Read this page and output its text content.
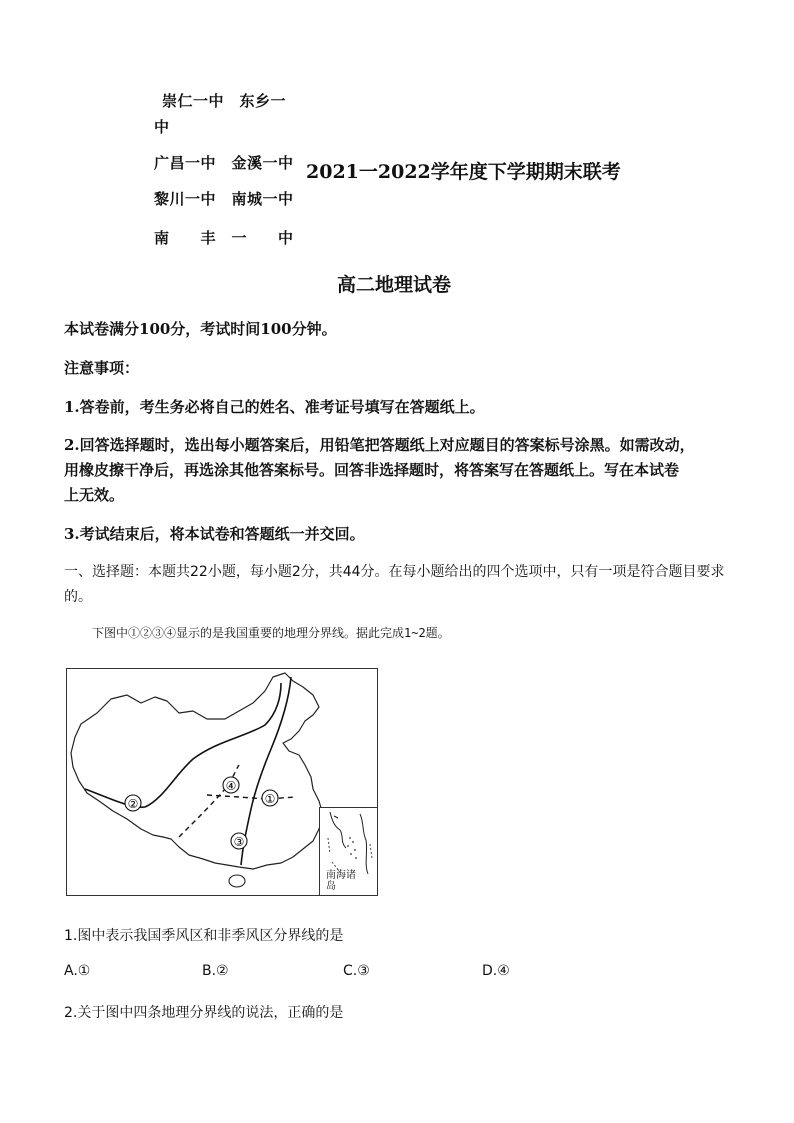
崇仁一中　东乡一
中
广昌一中　金溪一中
黎川一中　南城一中
南　　丰　一　　中
2021一2022学年度下学期期末联考
高二地理试卷
本试卷满分100分，考试时间100分钟。
注意事项：
1.答卷前，考生务必将自己的姓名、准考证号填写在答题纸上。
2.回答选择题时，选出每小题答案后，用铅笔把答题纸上对应题目的答案标号涂黑。如需改动，
用橡皮擦干净后，再选涂其他答案标号。回答非选择题时，将答案写在答题纸上。写在本试卷
上无效。
3.考试结束后，将本试卷和答题纸一并交回。
一、选择题：本题共22小题，每小题2分，共44分。在每小题给出的四个选项中，只有一项是符合题目要求
的。
下图中①②③④显示的是我国重要的地理分界线。据此完成1~2题。
①
②
③
④
南海诸岛
1.图中表示我国季风区和非季风区分界线的是
A.①	B.②	C.③	D.④
2.关于图中四条地理分界线的说法，正确的是
